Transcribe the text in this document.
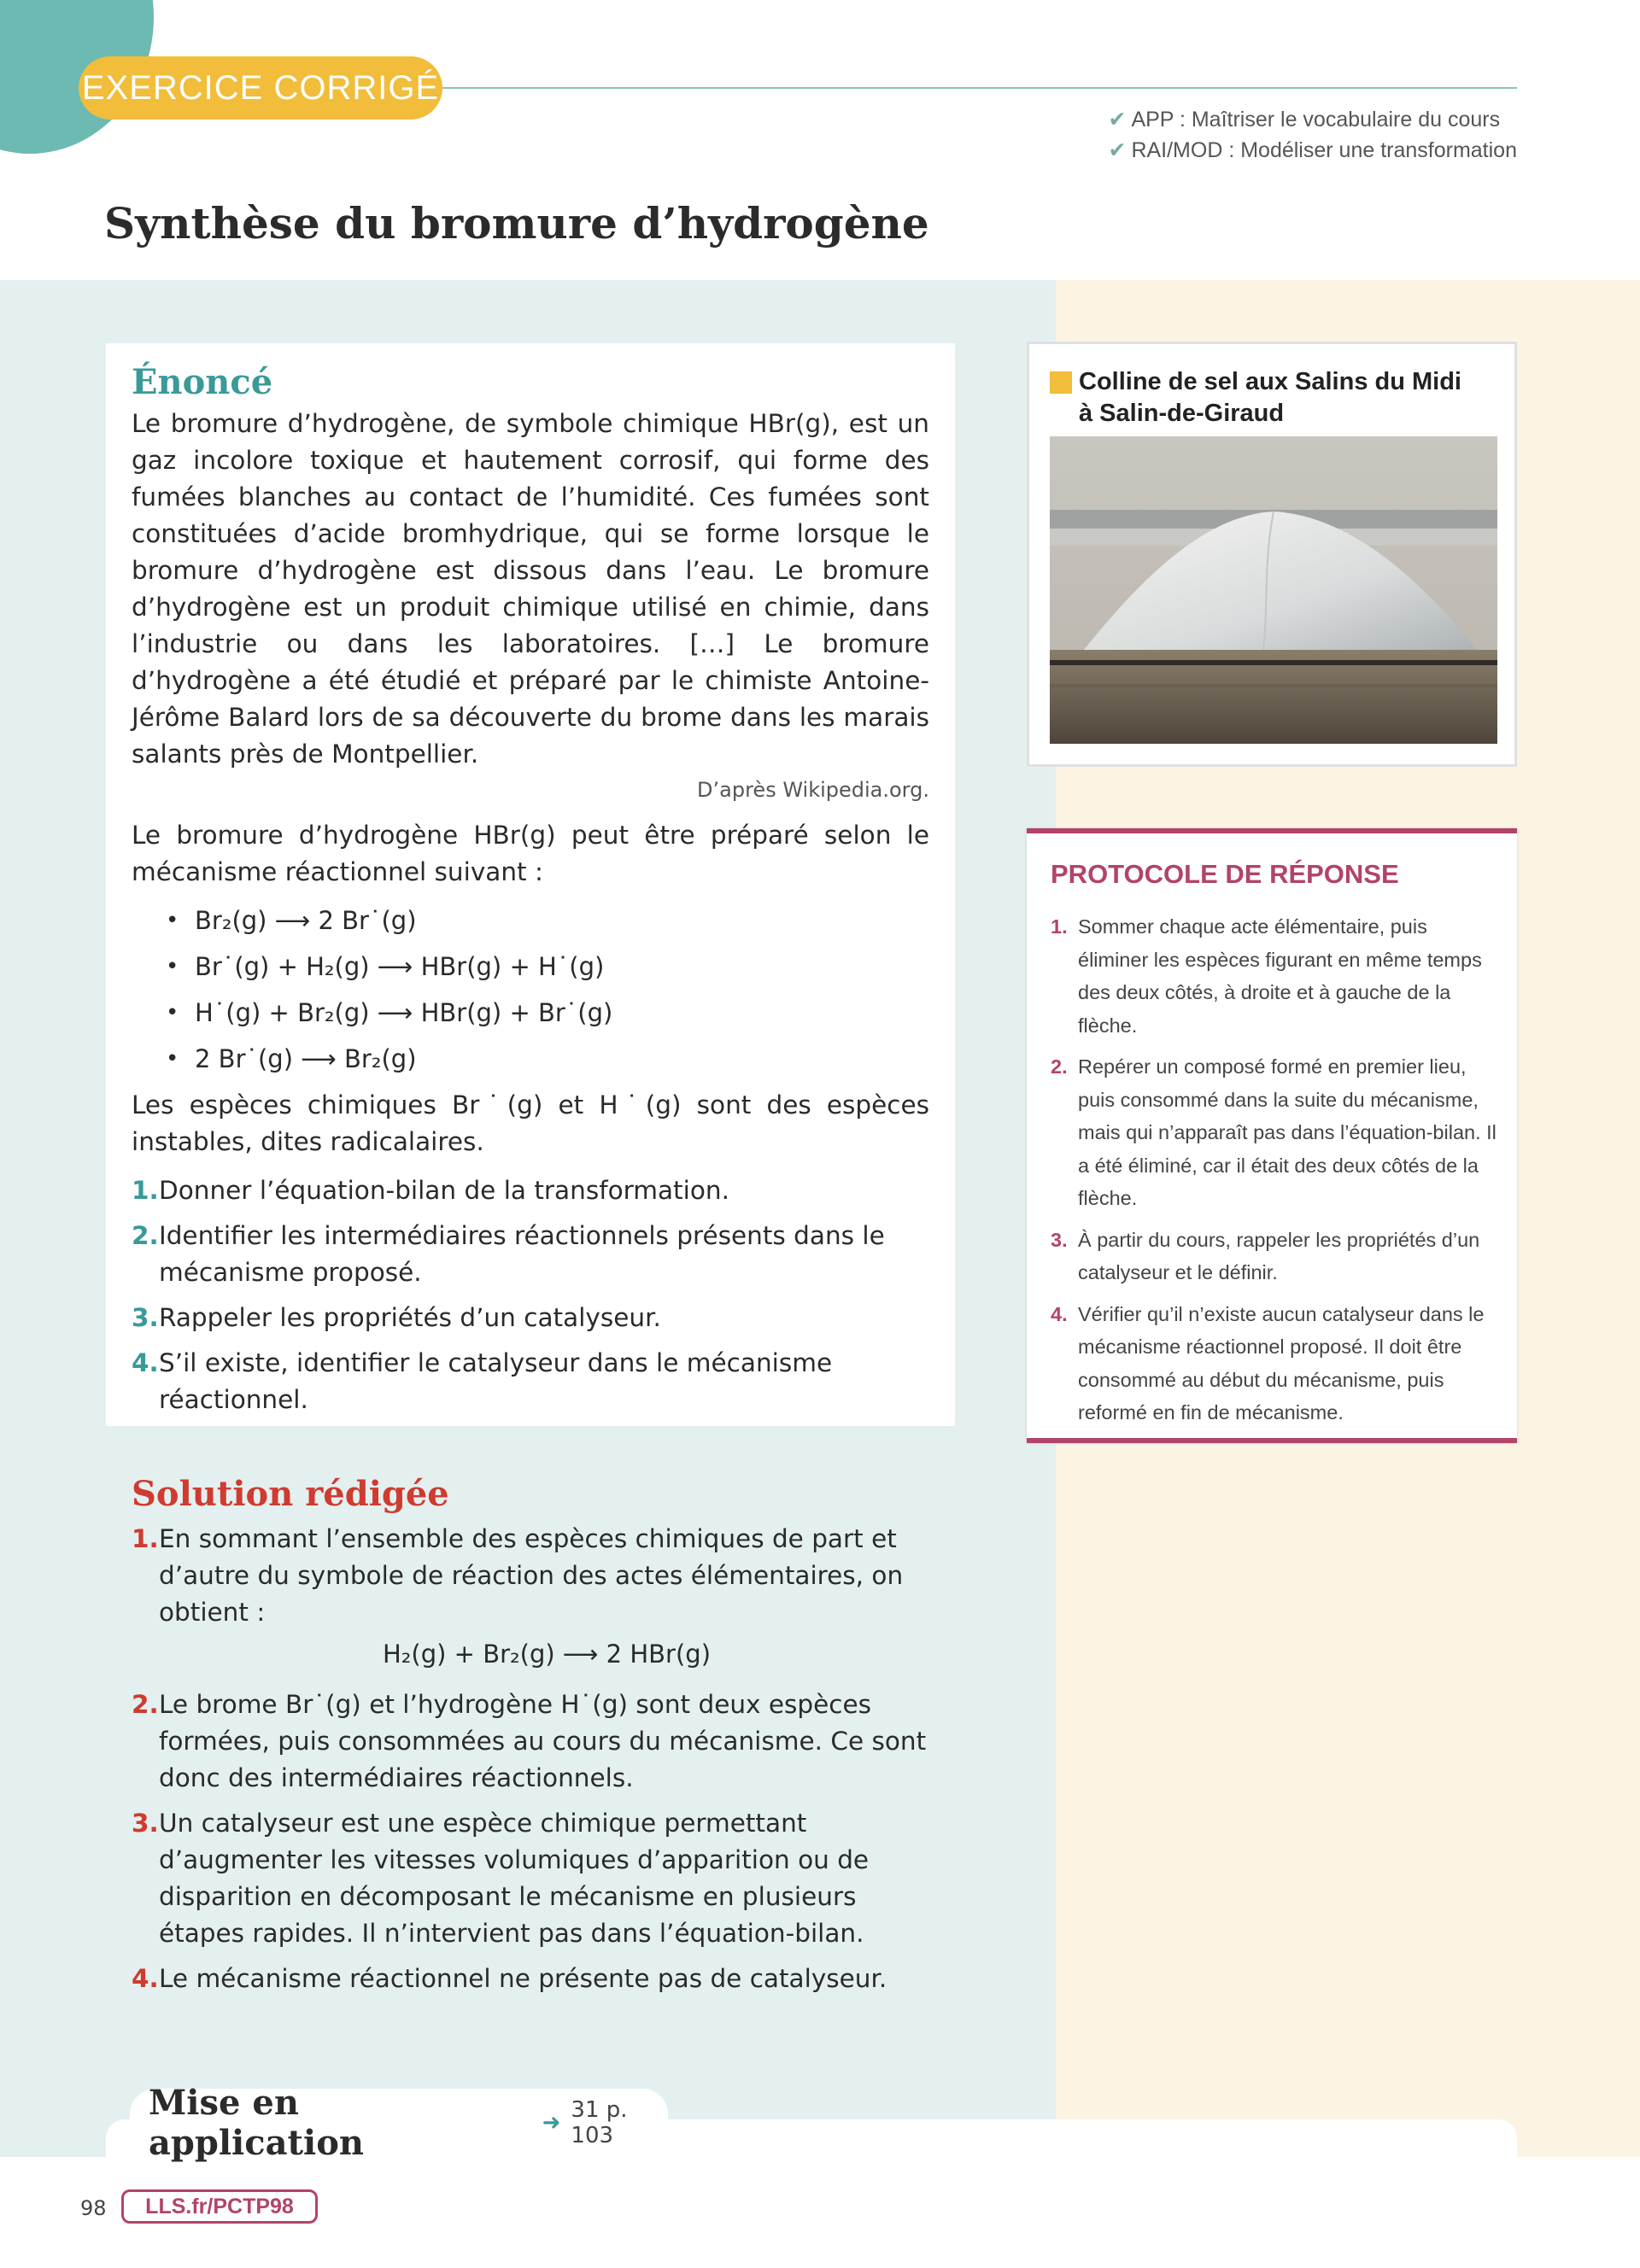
EXERCICE CORRIGÉ
✔ APP : Maîtriser le vocabulaire du cours
✔ RAI/MOD : Modéliser une transformation
Synthèse du bromure d’hydrogène
Énoncé

Le bromure d’hydrogène, de symbole chimique HBr(g), est un gaz incolore toxique et hautement corrosif, qui forme des fumées blanches au contact de l’humidité. Ces fumées sont constituées d’acide bromhydrique, qui se forme lorsque le bromure d’hydrogène est dissous dans l’eau. Le bromure d’hydrogène est un produit chimique utilisé en chimie, dans l’industrie ou dans les laboratoires. […] Le bromure d’hydrogène a été étudié et préparé par le chimiste Antoine-Jérôme Balard lors de sa découverte du brome dans les marais salants près de Montpellier.

D’après Wikipedia.org.

Le bromure d’hydrogène HBr(g) peut être préparé selon le mécanisme réactionnel suivant :

• Br₂(g) ⟶ 2 Br˙(g)
• Br˙(g) + H₂(g) ⟶ HBr(g) + H˙(g)
• H˙(g) + Br₂(g) ⟶ HBr(g) + Br˙(g)
• 2 Br˙(g) ⟶ Br₂(g)

Les espèces chimiques Br˙(g) et H˙(g) sont des espèces instables, dites radicalaires.

1. Donner l’équation-bilan de la transformation.
2. Identifier les intermédiaires réactionnels présents dans le mécanisme proposé.
3. Rappeler les propriétés d’un catalyseur.
4. S’il existe, identifier le catalyseur dans le mécanisme réactionnel.
Colline de sel aux Salins du Midi à Salin-de-Giraud
PROTOCOLE DE RÉPONSE
1. Sommer chaque acte élémentaire, puis éliminer les espèces figurant en même temps des deux côtés, à droite et à gauche de la flèche.
2. Repérer un composé formé en premier lieu, puis consommé dans la suite du mécanisme, mais qui n’apparaît pas dans l’équation-bilan. Il a été éliminé, car il était des deux côtés de la flèche.
3. À partir du cours, rappeler les propriétés d’un catalyseur et le définir.
4. Vérifier qu’il n’existe aucun catalyseur dans le mécanisme réactionnel proposé. Il doit être consommé au début du mécanisme, puis reformé en fin de mécanisme.
Solution rédigée
1. En sommant l’ensemble des espèces chimiques de part et d’autre du symbole de réaction des actes élémentaires, on obtient :
H₂(g) + Br₂(g) ⟶ 2 HBr(g)
2. Le brome Br˙(g) et l’hydrogène H˙(g) sont deux espèces formées, puis consommées au cours du mécanisme. Ce sont donc des intermédiaires réactionnels.
3. Un catalyseur est une espèce chimique permettant d’augmenter les vitesses volumiques d’apparition ou de disparition en décomposant le mécanisme en plusieurs étapes rapides. Il n’intervient pas dans l’équation-bilan.
4. Le mécanisme réactionnel ne présente pas de catalyseur.
Mise en application	➜ 31 p. 103
98	LLS.fr/PCTP98
